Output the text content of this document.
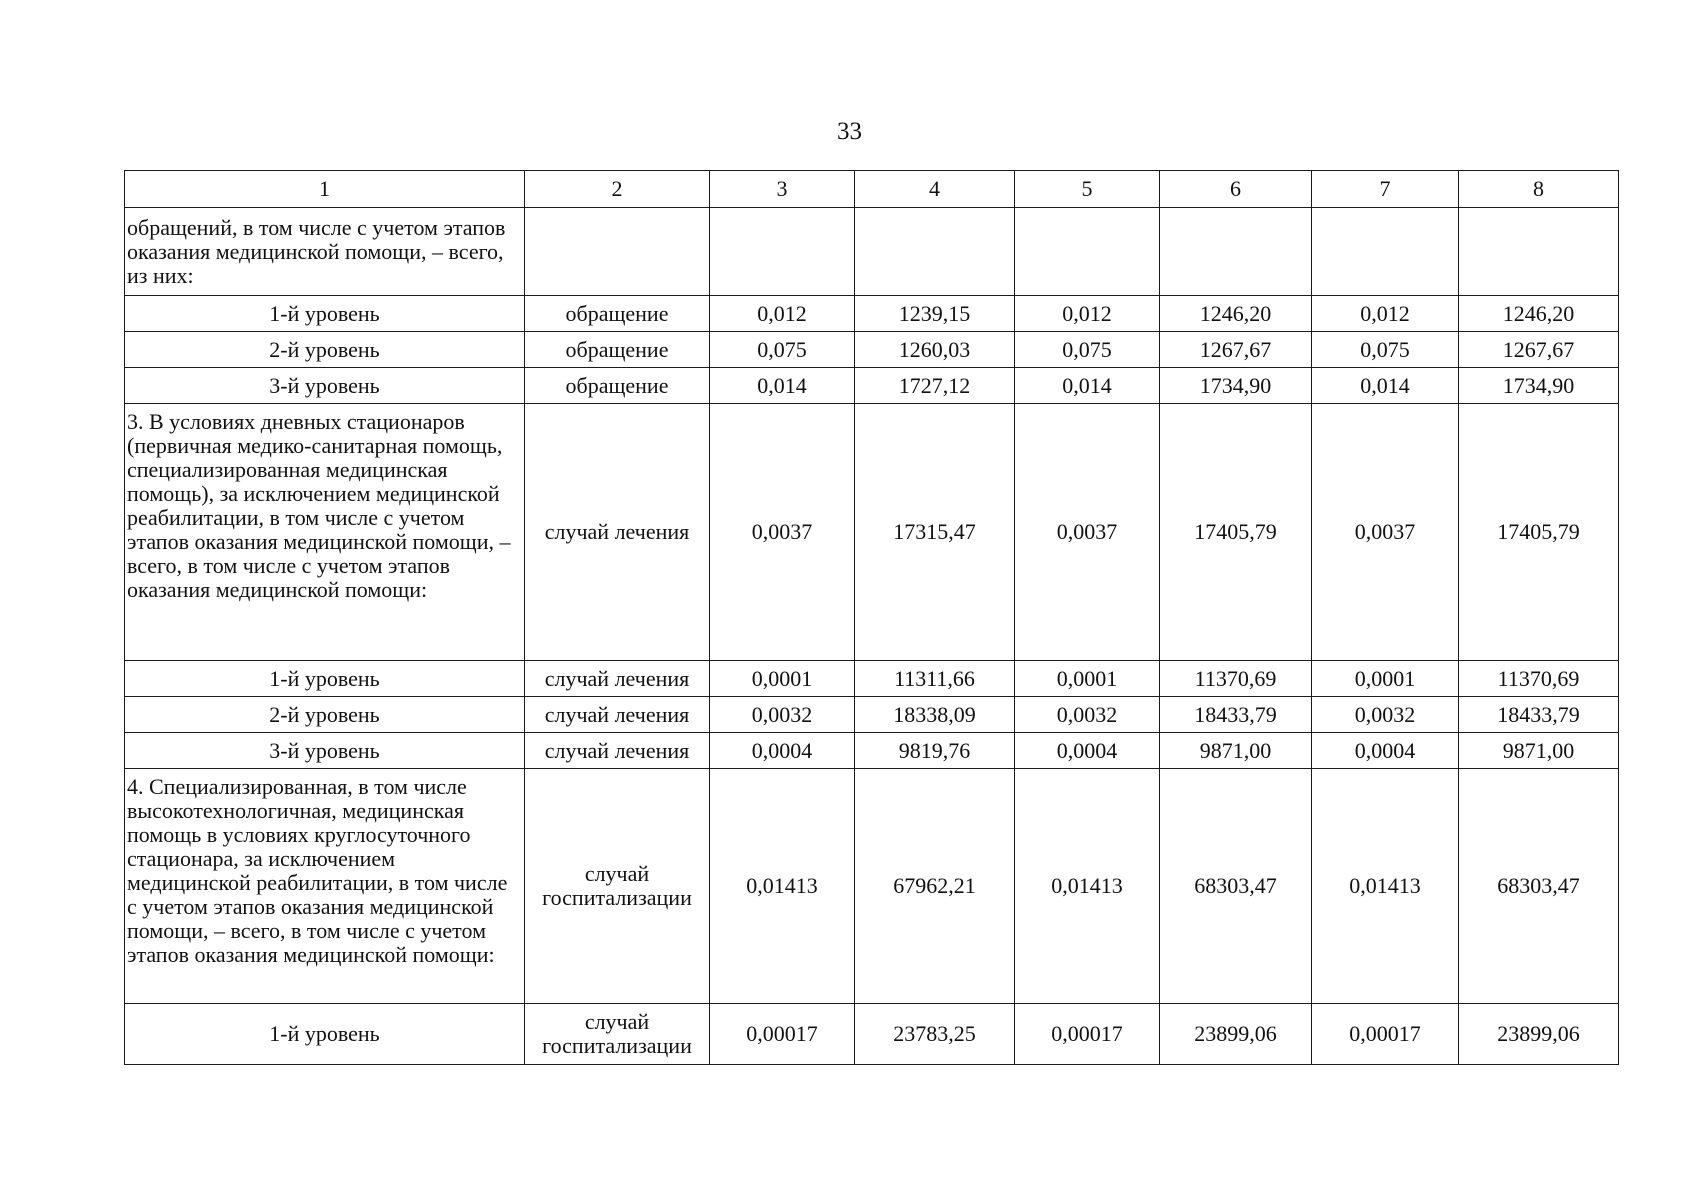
33
1	2	3	4	5	6	7	8
обращений, в том числе с учетом этапов оказания медицинской помощи, – всего, из них:							
1-й уровень	обращение	0,012	1239,15	0,012	1246,20	0,012	1246,20
2-й уровень	обращение	0,075	1260,03	0,075	1267,67	0,075	1267,67
3-й уровень	обращение	0,014	1727,12	0,014	1734,90	0,014	1734,90
3. В условиях дневных стационаров (первичная медико-санитарная помощь, специализированная медицинская помощь), за исключением медицинской реабилитации, в том числе с учетом этапов оказания медицинской помощи, – всего, в том числе с учетом этапов оказания медицинской помощи:	случай лечения	0,0037	17315,47	0,0037	17405,79	0,0037	17405,79
1-й уровень	случай лечения	0,0001	11311,66	0,0001	11370,69	0,0001	11370,69
2-й уровень	случай лечения	0,0032	18338,09	0,0032	18433,79	0,0032	18433,79
3-й уровень	случай лечения	0,0004	9819,76	0,0004	9871,00	0,0004	9871,00
4. Специализированная, в том числе высокотехнологичная, медицинская помощь в условиях круглосуточного стационара, за исключением медицинской реабилитации, в том числе с учетом этапов оказания медицинской помощи, – всего, в том числе с учетом этапов оказания медицинской помощи:	случай госпитализации	0,01413	67962,21	0,01413	68303,47	0,01413	68303,47
1-й уровень	случай госпитализации	0,00017	23783,25	0,00017	23899,06	0,00017	23899,06
